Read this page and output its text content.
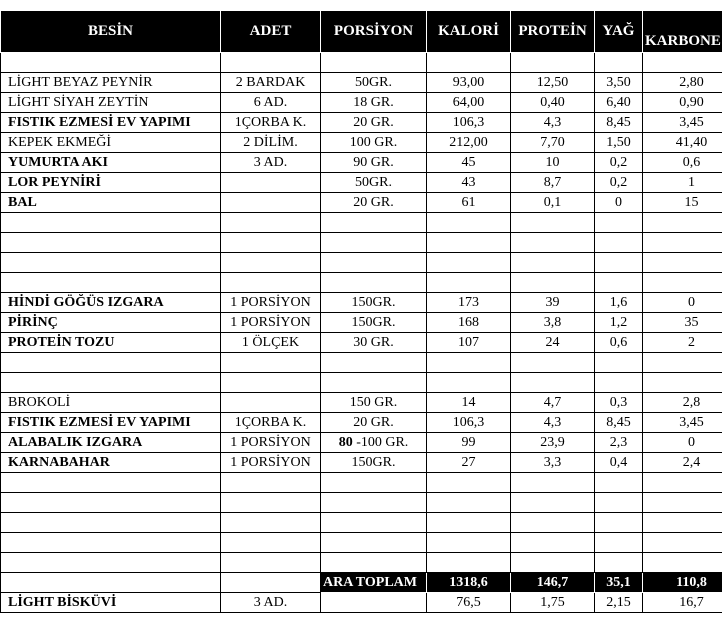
BESİN	ADET	PORSİYON	KALORİ	PROTEİN	YAĞ	KARBONE

LİGHT BEYAZ PEYNİR	2 BARDAK	50GR.	93,00	12,50	3,50	2,80
LİGHT SİYAH ZEYTİN	6 AD.	18 GR.	64,00	0,40	6,40	0,90
FISTIK EZMESİ EV YAPIMI	1ÇORBA K.	20 GR.	106,3	4,3	8,45	3,45
KEPEK EKMEĞİ	2 DİLİM.	100 GR.	212,00	7,70	1,50	41,40
YUMURTA AKI	3 AD.	90 GR.	45	10	0,2	0,6
LOR PEYNİRİ		50GR.	43	8,7	0,2	1
BAL		20 GR.	61	0,1	0	15

HİNDİ GÖĞÜS IZGARA	1 PORSİYON	150GR.	173	39	1,6	0
PİRİNÇ	1 PORSİYON	150GR.	168	3,8	1,2	35
PROTEİN TOZU	1 ÖLÇEK	30 GR.	107	24	0,6	2

BROKOLİ		150 GR.	14	4,7	0,3	2,8
FISTIK EZMESİ EV YAPIMI	1ÇORBA K.	20 GR.	106,3	4,3	8,45	3,45
ALABALIK IZGARA	1 PORSİYON	80 -100 GR.	99	23,9	2,3	0
KARNABAHAR	1 PORSİYON	150GR.	27	3,3	0,4	2,4

		ARA TOPLAM	1318,6	146,7	35,1	110,8
LİGHT BİSKÜVİ	3 AD.		76,5	1,75	2,15	16,7
